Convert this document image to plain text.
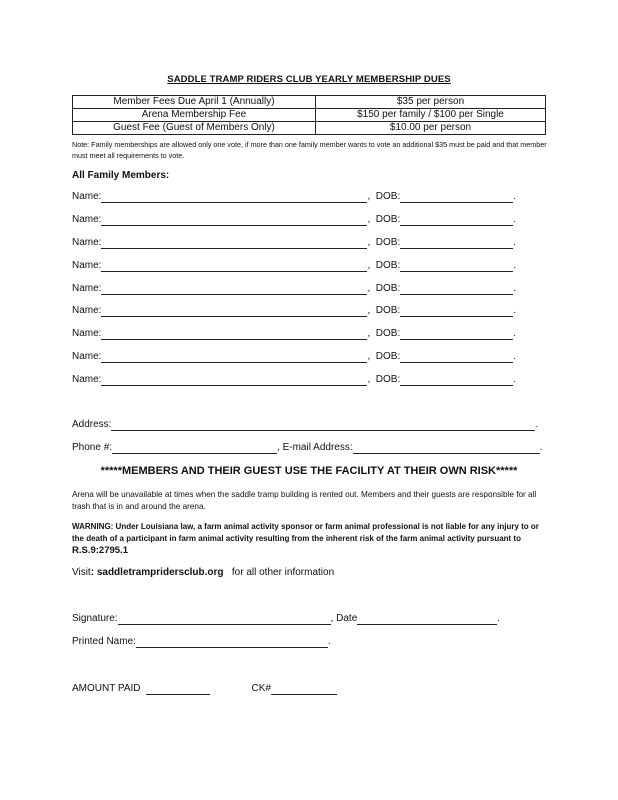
SADDLE TRAMP RIDERS CLUB YEARLY MEMBERSHIP DUES
Member Fees Due April 1 (Annually)	$35 per person
Arena Membership Fee	$150 per family / $100 per Single
Guest Fee (Guest of Members Only)	$10.00 per person
Note: Family memberships are allowed only one vote, if more than one family member wants to vote an additional $35 must be paid and that member must meet all requirements to vote.
All Family Members:
Name:	,  DOB:	.
Name:	,  DOB:	.
Name:	,  DOB:	.
Name:	,  DOB:	.
Name:	,  DOB:	.
Name:	,  DOB:	.
Name:	,  DOB:	.
Name:	,  DOB:	.
Name:	,  DOB:	.
Address:	.
Phone #:	, E-mail Address:	.
*****MEMBERS AND THEIR GUEST USE THE FACILITY AT THEIR OWN RISK*****
Arena will be unavailable at times when the saddle tramp building is rented out. Members and their guests are responsible for all trash that is in and around the arena.
WARNING: Under Louisiana law, a farm animal activity sponsor or farm animal professional is not liable for any injury to or the death of a participant in farm animal activity resulting from the inherent risk of the farm animal activity pursuant to
R.S.9:2795.1
Visit: saddletrampridersclub.org for all other information
Signature:	, Date	.
Printed Name:	.
AMOUNT PAID	CK#
